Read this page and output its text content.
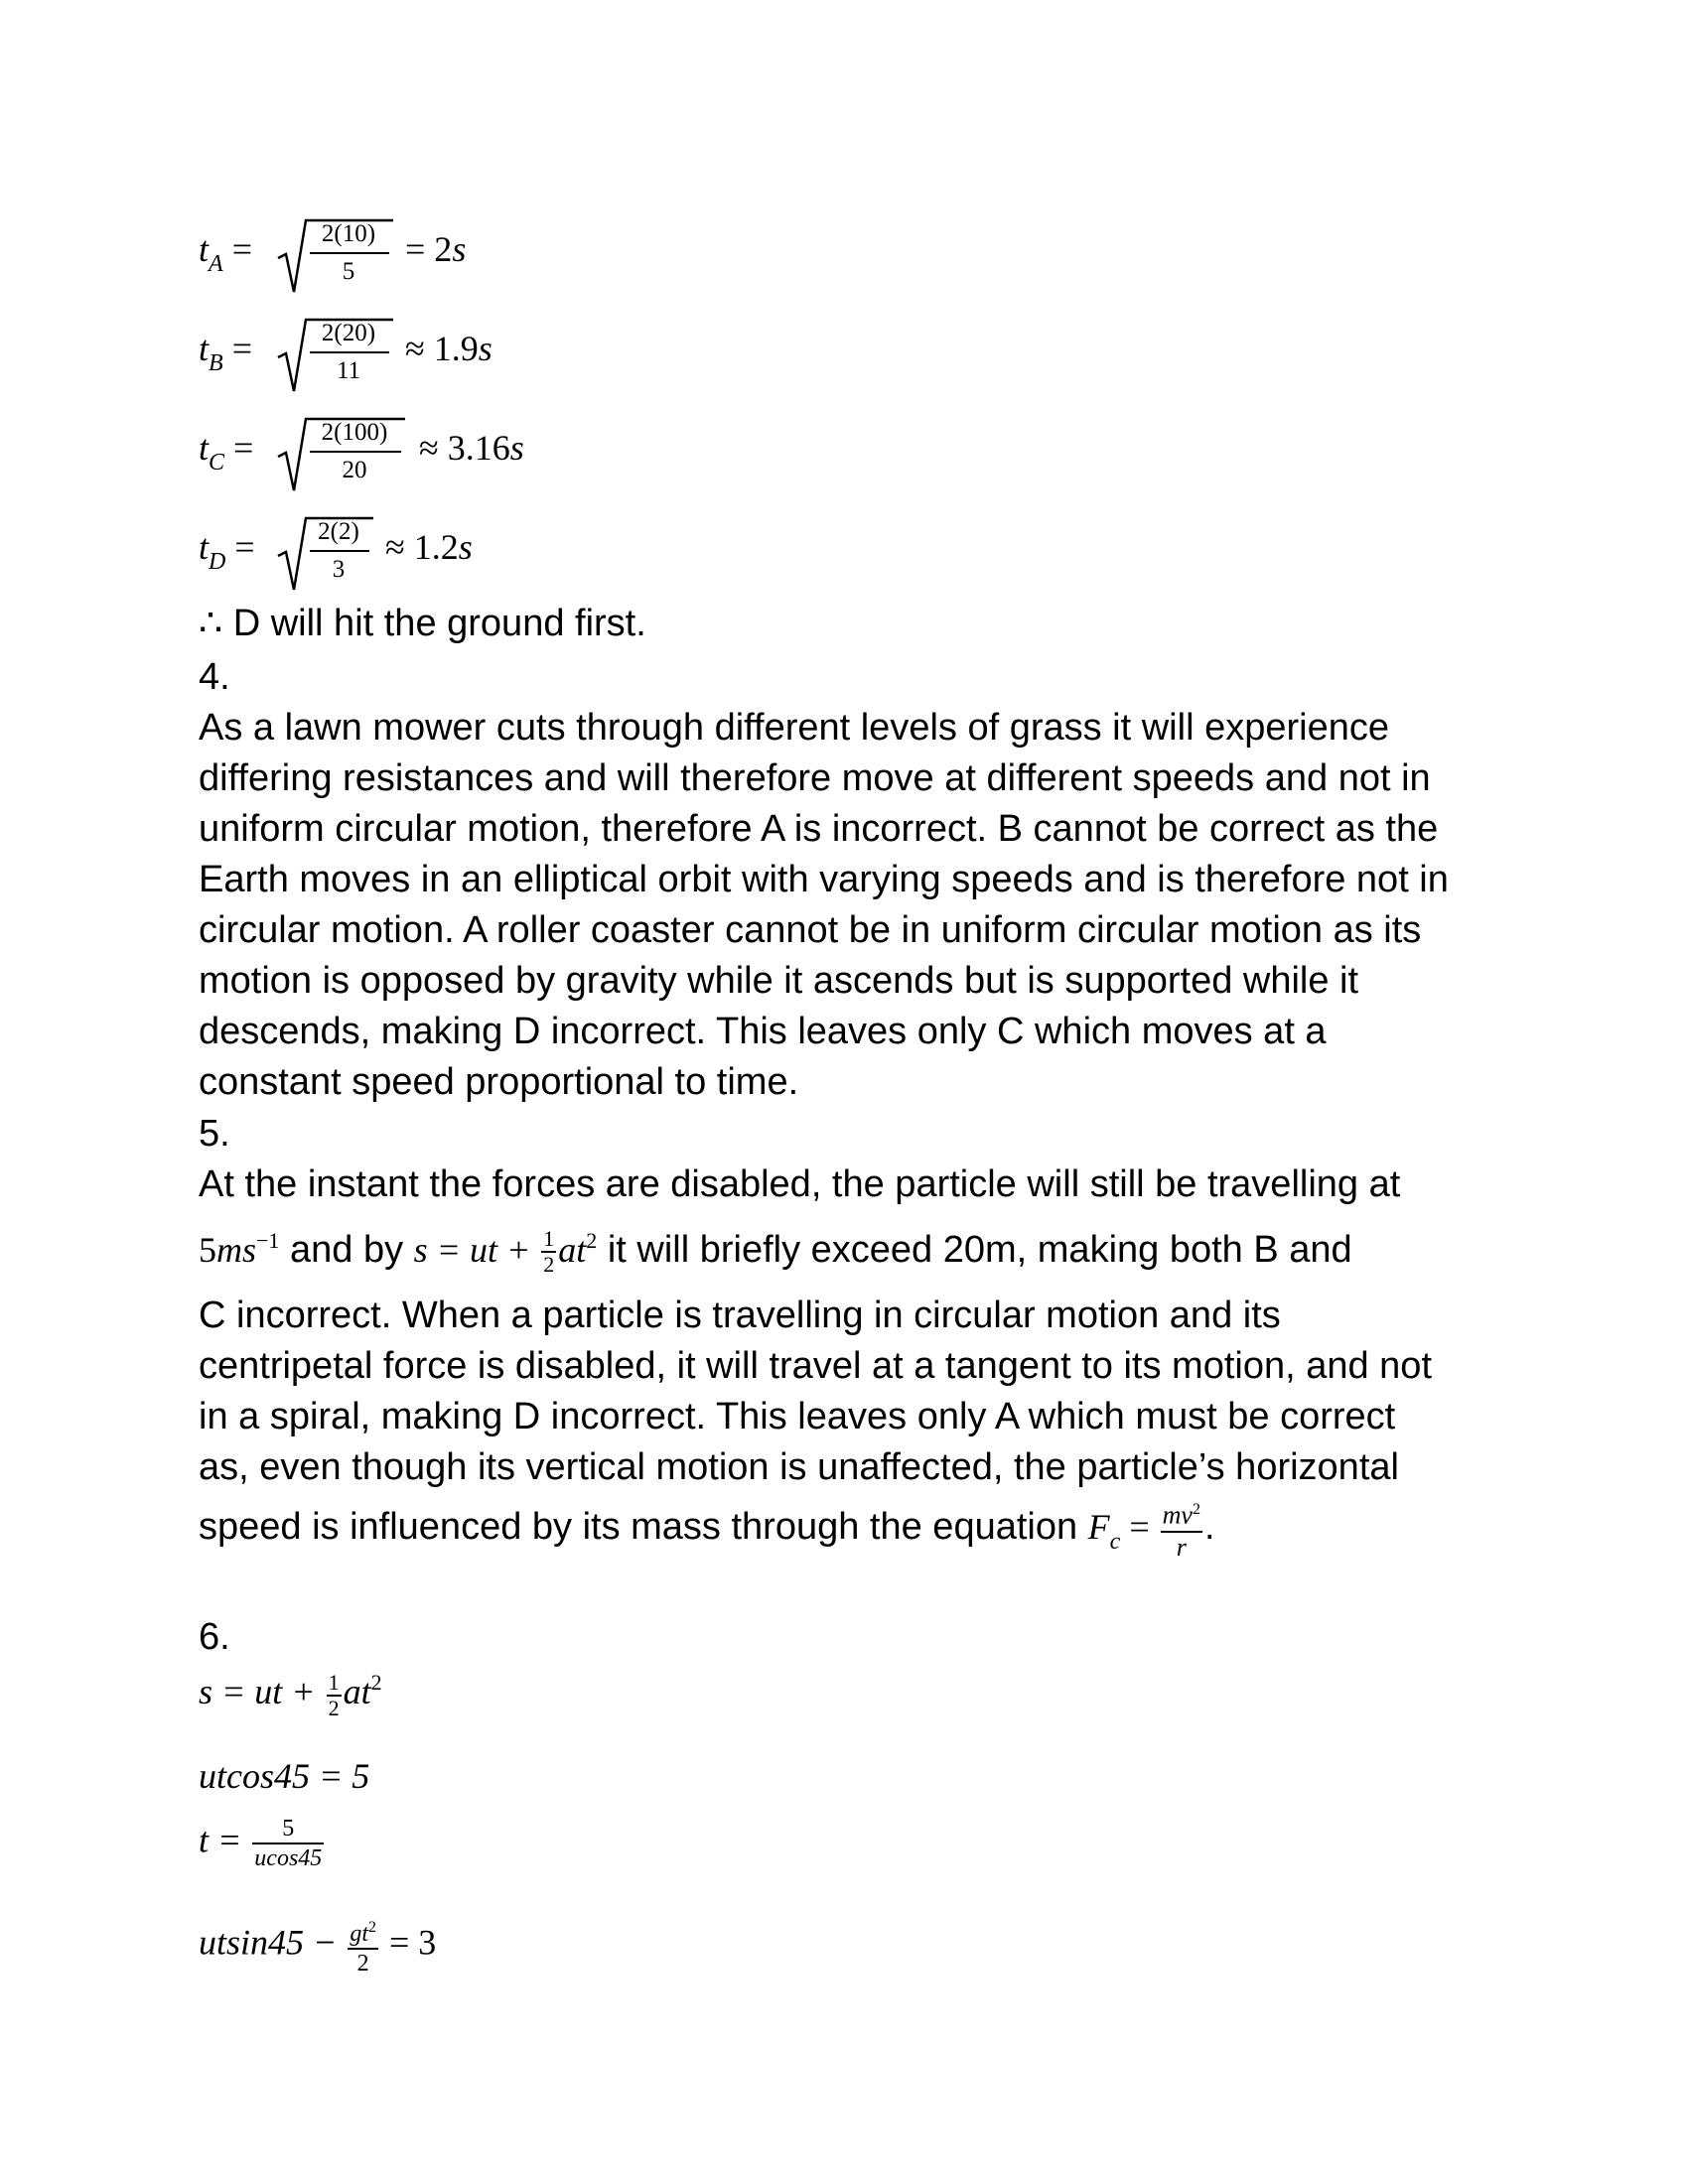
$t_A$ =	2(10)
5
= 2s
$t_B$ =	2(20)
11
≈ 1.9s
$t_C$ =	2(100)
20
≈ 3.16s
$t_D$ =	2(2)
3
≈ 1.2s
∴ D will hit the ground first.
4.
As a lawn mower cuts through different levels of grass it will experience
differing resistances and will therefore move at different speeds and not in
uniform circular motion, therefore A is incorrect. B cannot be correct as the
Earth moves in an elliptical orbit with varying speeds and is therefore not in
circular motion. A roller coaster cannot be in uniform circular motion as its
motion is opposed by gravity while it ascends but is supported while it
descends, making D incorrect. This leaves only C which moves at a
constant speed proportional to time.
5.
At the instant the forces are disabled, the particle will still be travelling at
$5ms^{-1}$ and by s = ut + $\frac{1}{2} at^2$ it will briefly exceed 20m, making both B and
C incorrect. When a particle is travelling in circular motion and its
centripetal force is disabled, it will travel at a tangent to its motion, and not
in a spiral, making D incorrect. This leaves only A which must be correct
as, even though its vertical motion is unaffected, the particle’s horizontal
speed is influenced by its mass through the equation $F_c = \frac{mv^2}{r}$ .
6.
s = ut + $\frac{1}{2} at^2$
utcos45 = 5
$t = \frac{5}{ucos45}$
$utsin45 - \frac{gt^2}{2} = 3$
